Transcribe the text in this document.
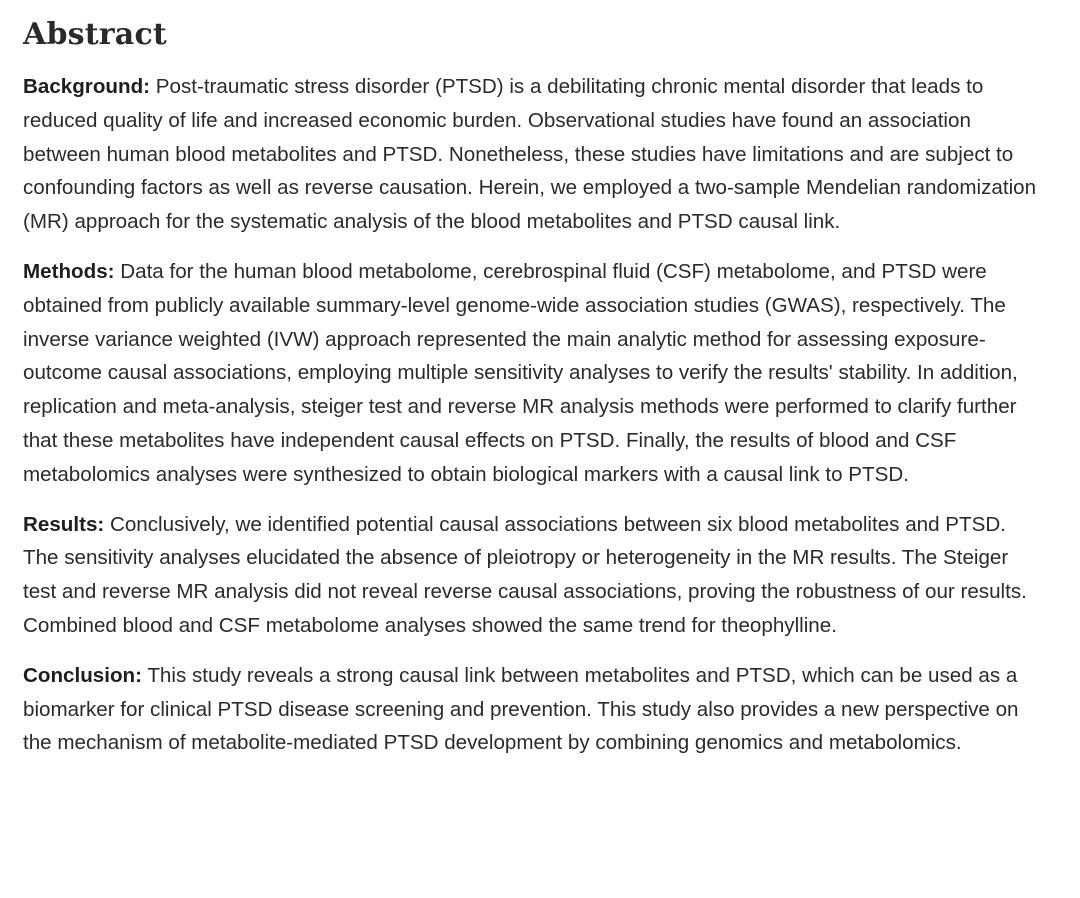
Abstract

Background: Post-traumatic stress disorder (PTSD) is a debilitating chronic mental disorder that leads to reduced quality of life and increased economic burden. Observational studies have found an association between human blood metabolites and PTSD. Nonetheless, these studies have limitations and are subject to confounding factors as well as reverse causation. Herein, we employed a two-sample Mendelian randomization (MR) approach for the systematic analysis of the blood metabolites and PTSD causal link.

Methods: Data for the human blood metabolome, cerebrospinal fluid (CSF) metabolome, and PTSD were obtained from publicly available summary-level genome-wide association studies (GWAS), respectively. The inverse variance weighted (IVW) approach represented the main analytic method for assessing exposure-outcome causal associations, employing multiple sensitivity analyses to verify the results' stability. In addition, replication and meta-analysis, steiger test and reverse MR analysis methods were performed to clarify further that these metabolites have independent causal effects on PTSD. Finally, the results of blood and CSF metabolomics analyses were synthesized to obtain biological markers with a causal link to PTSD.

Results: Conclusively, we identified potential causal associations between six blood metabolites and PTSD. The sensitivity analyses elucidated the absence of pleiotropy or heterogeneity in the MR results. The Steiger test and reverse MR analysis did not reveal reverse causal associations, proving the robustness of our results. Combined blood and CSF metabolome analyses showed the same trend for theophylline.

Conclusion: This study reveals a strong causal link between metabolites and PTSD, which can be used as a biomarker for clinical PTSD disease screening and prevention. This study also provides a new perspective on the mechanism of metabolite-mediated PTSD development by combining genomics and metabolomics.
